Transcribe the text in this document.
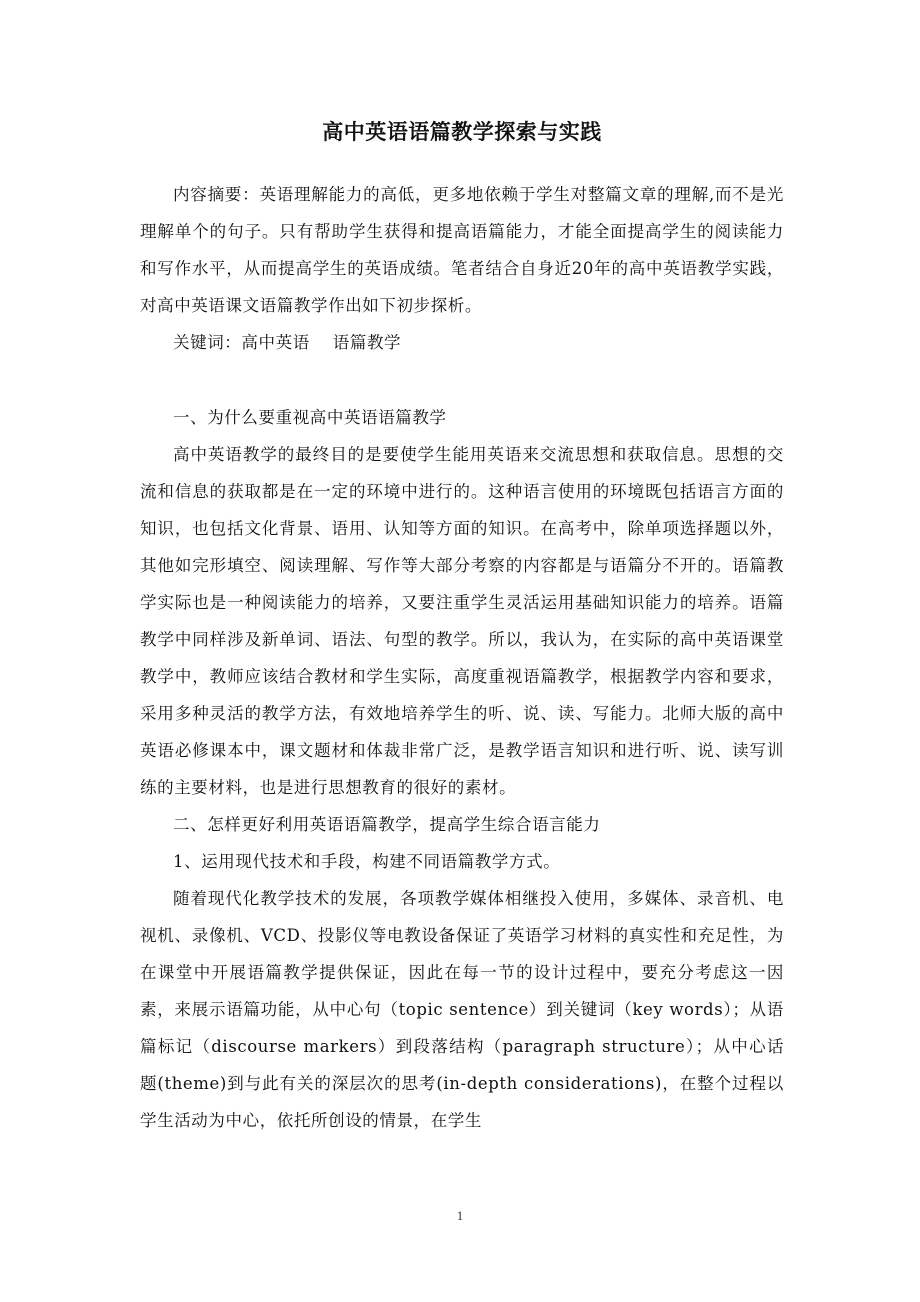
高中英语语篇教学探索与实践

内容摘要：英语理解能力的高低，更多地依赖于学生对整篇文章的理解,而不是光理解单个的句子。只有帮助学生获得和提高语篇能力，才能全面提高学生的阅读能力和写作水平，从而提高学生的英语成绩。笔者结合自身近20年的高中英语教学实践，对高中英语课文语篇教学作出如下初步探析。

关键词：高中英语　 语篇教学

一、为什么要重视高中英语语篇教学

高中英语教学的最终目的是要使学生能用英语来交流思想和获取信息。思想的交流和信息的获取都是在一定的环境中进行的。这种语言使用的环境既包括语言方面的知识，也包括文化背景、语用、认知等方面的知识。在高考中，除单项选择题以外，其他如完形填空、阅读理解、写作等大部分考察的内容都是与语篇分不开的。语篇教学实际也是一种阅读能力的培养，又要注重学生灵活运用基础知识能力的培养。语篇教学中同样涉及新单词、语法、句型的教学。所以，我认为，在实际的高中英语课堂教学中，教师应该结合教材和学生实际，高度重视语篇教学，根据教学内容和要求，采用多种灵活的教学方法，有效地培养学生的听、说、读、写能力。北师大版的高中英语必修课本中，课文题材和体裁非常广泛，是教学语言知识和进行听、说、读写训练的主要材料，也是进行思想教育的很好的素材。

二、怎样更好利用英语语篇教学，提高学生综合语言能力

1、运用现代技术和手段，构建不同语篇教学方式。

随着现代化教学技术的发展，各项教学媒体相继投入使用，多媒体、录音机、电视机、录像机、VCD、投影仪等电教设备保证了英语学习材料的真实性和充足性，为在课堂中开展语篇教学提供保证，因此在每一节的设计过程中，要充分考虑这一因素，来展示语篇功能，从中心句（topic sentence）到关键词（key words）；从语篇标记（discourse markers）到段落结构（paragraph structure）；从中心话题(theme)到与此有关的深层次的思考(in-depth considerations)，在整个过程以学生活动为中心，依托所创设的情景，在学生

1
